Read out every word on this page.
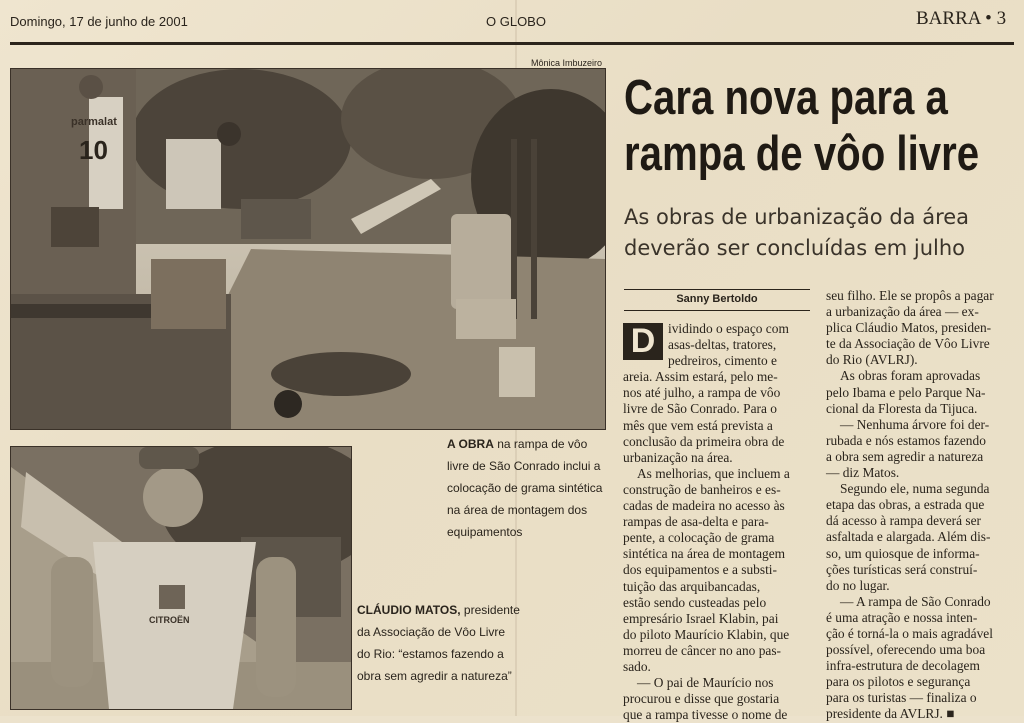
Domingo, 17 de junho de 2001	O GLOBO	BARRA • 3
Mônica Imbuzeiro
parmalat
10
CITROËN
Cara nova para a
rampa de vôo livre
As obras de urbanização da área
deverão ser concluídas em julho
Sanny Bertoldo
A OBRA na rampa de vôo
livre de São Conrado inclui a
colocação de grama sintética
na área de montagem dos
equipamentos
CLÁUDIO MATOS, presidente
da Associação de Vôo Livre
do Rio: “estamos fazendo a
obra sem agredir a natureza”
D ividindo o espaço com
asas-deltas, tratores,
pedreiros, cimento e
areia. Assim estará, pelo me-
nos até julho, a rampa de vôo
livre de São Conrado. Para o
mês que vem está prevista a
conclusão da primeira obra de
urbanização na área.
As melhorias, que incluem a
construção de banheiros e es-
cadas de madeira no acesso às
rampas de asa-delta e para-
pente, a colocação de grama
sintética na área de montagem
dos equipamentos e a substi-
tuição das arquibancadas,
estão sendo custeadas pelo
empresário Israel Klabin, pai
do piloto Maurício Klabin, que
morreu de câncer no ano pas-
sado.
— O pai de Maurício nos
procurou e disse que gostaria
que a rampa tivesse o nome de
seu filho. Ele se propôs a pagar
a urbanização da área — ex-
plica Cláudio Matos, presiden-
te da Associação de Vôo Livre
do Rio (AVLRJ).
As obras foram aprovadas
pelo Ibama e pelo Parque Na-
cional da Floresta da Tijuca.
— Nenhuma árvore foi der-
rubada e nós estamos fazendo
a obra sem agredir a natureza
— diz Matos.
Segundo ele, numa segunda
etapa das obras, a estrada que
dá acesso à rampa deverá ser
asfaltada e alargada. Além dis-
so, um quiosque de informa-
ções turísticas será construí-
do no lugar.
— A rampa de São Conrado
é uma atração e nossa inten-
ção é torná-la o mais agradável
possível, oferecendo uma boa
infra-estrutura de decolagem
para os pilotos e segurança
para os turistas — finaliza o
presidente da AVLRJ. ■
